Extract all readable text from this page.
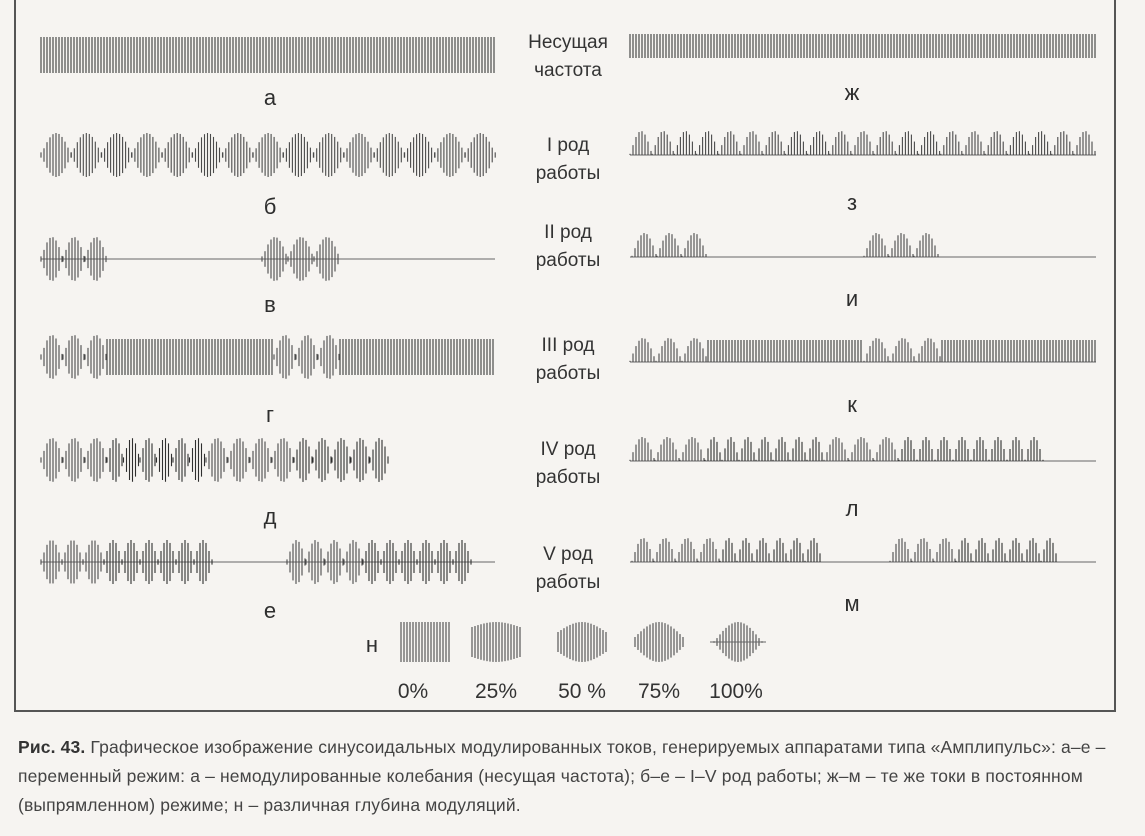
Несущая
частота
I род
работы
II род
работы
III род
работы
IV род
работы
V род
работы
а
б
в
г
д
е
ж
з
и
к
л
м
н
0% 25% 50 % 75% 100%
Рис. 43. Графическое изображение синусоидальных модулированных токов, генерируемых аппаратами типа «Амплипульс»: а–е – переменный режим: а – немодулированные колебания (несущая частота); б–е – I–V род работы; ж–м – те же токи в постоянном (выпрямленном) режиме; н – различная глубина модуляций.
